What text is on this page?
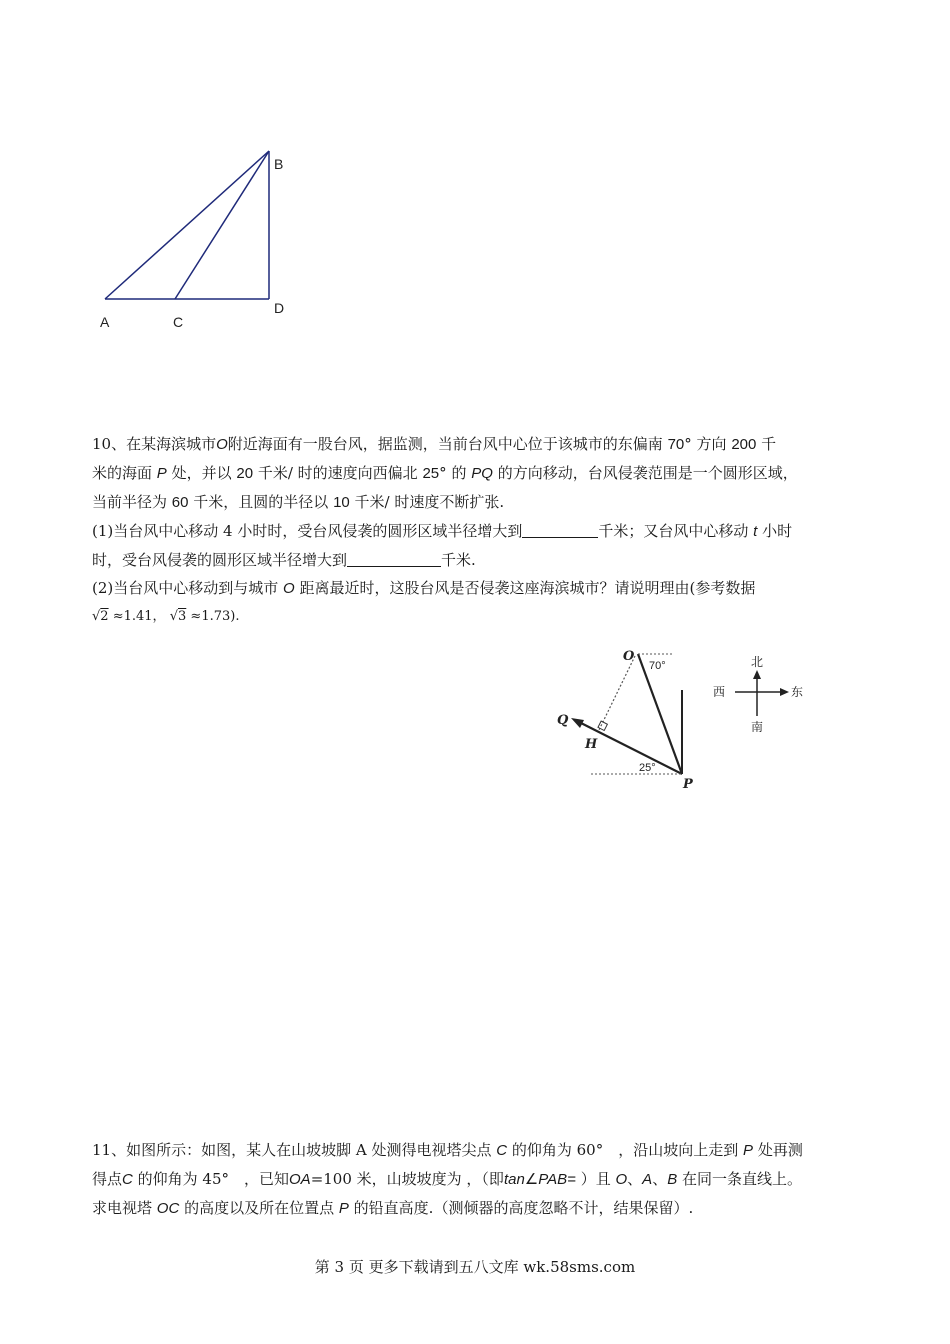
B
D
A	C
10、在某海滨城市O附近海面有一股台风，据监测，当前台风中心位于该城市的东偏南 70° 方向 200 千
米的海面 P 处，并以 20 千米/ 时的速度向西偏北 25° 的 PQ 的方向移动，台风侵袭范围是一个圆形区域，
当前半径为 60 千米，且圆的半径以 10 千米/ 时速度不断扩张.
(1)当台风中心移动 4 小时时，受台风侵袭的圆形区域半径增大到	千米；又台风中心移动 t 小时
时，受台风侵袭的圆形区域半径增大到	千米.
(2)当台风中心移动到与城市 O 距离最近时，这股台风是否侵袭这座海滨城市？请说明理由(参考数据
√2 ≈1.41， √3 ≈1.73).
O
70°
Q
H
25°
P
北
西	东
南
11、如图所示：如图，某人在山坡坡脚 A 处测得电视塔尖点 C 的仰角为 60°　，沿山坡向上走到 P 处再测
得点C 的仰角为 45°　，已知OA=100 米，山坡坡度为 ，（即tan∠PAB= ）且 O、A、B 在同一条直线上。
求电视塔 OC 的高度以及所在位置点 P 的铅直高度.（测倾器的高度忽略不计，结果保留）.
第 3 页 更多下载请到五八文库 wk.58sms.com
